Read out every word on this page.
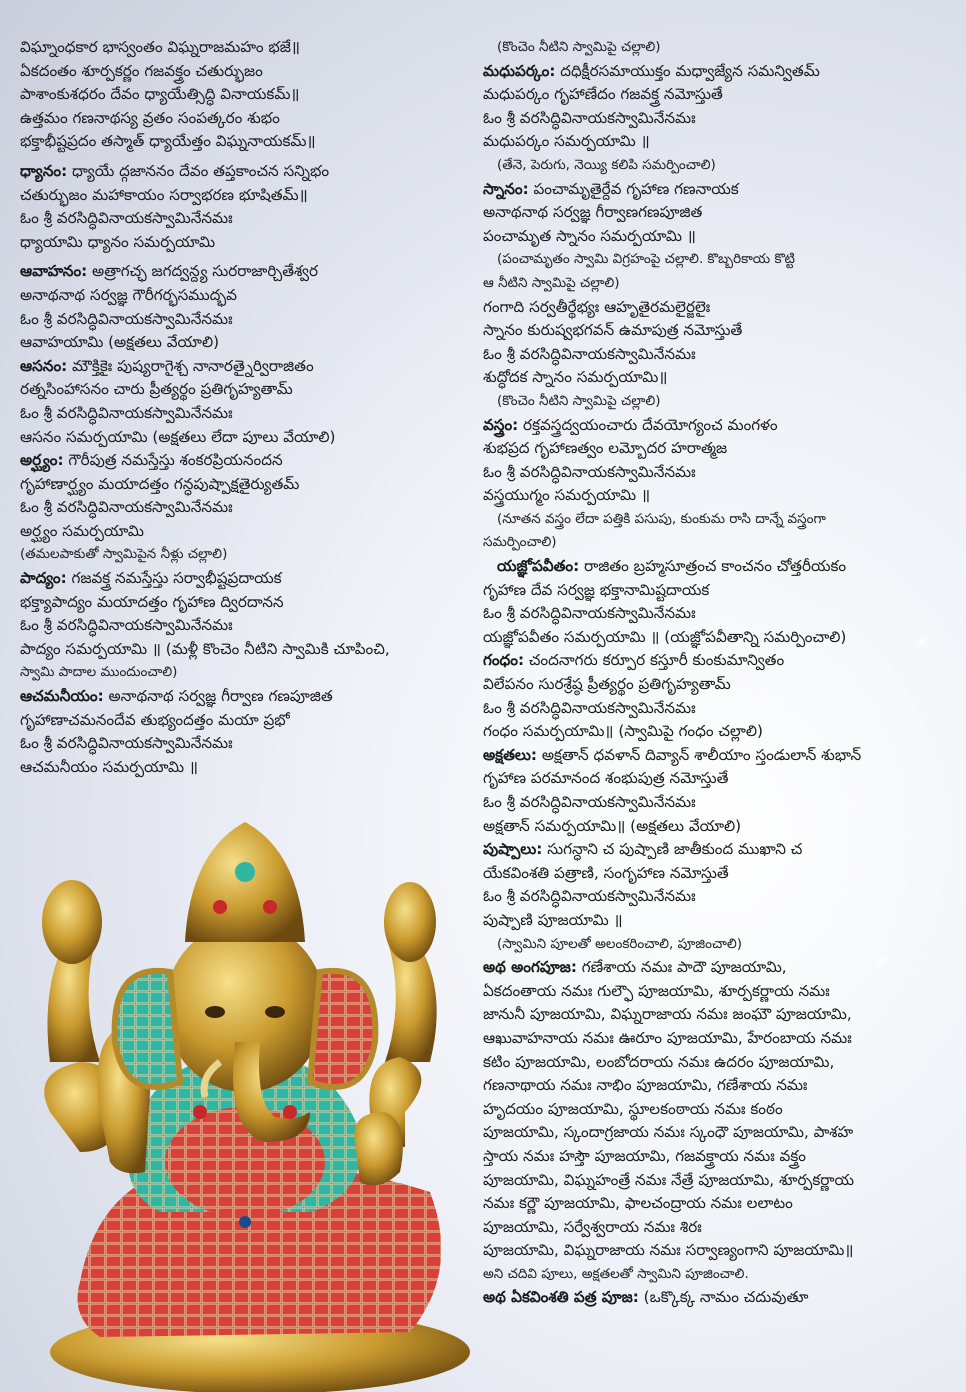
విఘ్నాంధకార భాస్వంతం విఘ్నరాజమహం భజే॥
ఏకదంతం శూర్పకర్ణం గజవక్త్రం చతుర్భుజం
పాశాంకుశధరం దేవం ధ్యాయేత్సిద్ధి వినాయకమ్॥
ఉత్తమం గణనాథస్య వ్రతం సంపత్కరం శుభం
భక్తాభీష్టప్రదం తస్మాత్ ధ్యాయేత్తం విఘ్ననాయకమ్॥
ధ్యానం: ధ్యాయే ద్గజాననం దేవం తప్తకాంచన సన్నిభం
చతుర్భుజం మహాకాయం సర్వాభరణ భూషితమ్॥
ఓం శ్రీ వరసిద్ధివినాయకస్వామినేనమః
ధ్యాయామి ధ్యానం సమర్పయామి
ఆవాహనం: అత్రాగచ్ఛ జగద్వన్ద్య సురరాజార్చితేశ్వర
అనాథనాథ సర్వజ్ఞ గౌరీగర్భసముద్భవ
ఓం శ్రీ వరసిద్ధివినాయకస్వామినేనమః
ఆవాహయామి (అక్షతలు వేయాలి)
ఆసనం: మౌక్తికైః పుష్యరాగైశ్చ నానారత్నైర్విరాజితం
రత్నసింహాసనం చారు ప్రీత్యర్థం ప్రతిగృహ్యతామ్
ఓం శ్రీ వరసిద్ధివినాయకస్వామినేనమః
ఆసనం సమర్పయామి (అక్షతలు లేదా పూలు వేయాలి)
అర్ఘ్యం: గౌరీపుత్ర నమస్తేస్తు శంకరప్రియనందన
గృహాణార్ఘ్యం మయాదత్తం గన్ధపుష్పాక్షతైర్యుతమ్
ఓం శ్రీ వరసిద్ధివినాయకస్వామినేనమః
అర్ఘ్యం సమర్పయామి
(తమలపాకుతో స్వామిపైన నీళ్లు చల్లాలి)
పాద్యం: గజవక్త్ర నమస్తేస్తు సర్వాభీష్టప్రదాయక
భక్త్యాపాద్యం మయాదత్తం గృహాణ ద్విరదానన
ఓం శ్రీ వరసిద్ధివినాయకస్వామినేనమః
పాద్యం సమర్పయామి ॥ (మళ్లీ కొంచెం నీటిని స్వామికి చూపించి,
స్వామి పాదాల ముందుంచాలి)
ఆచమనీయం: అనాథనాథ సర్వజ్ఞ గీర్వాణ గణపూజిత
గృహాణాచమనందేవ తుభ్యందత్తం మయా ప్రభో
ఓం శ్రీ వరసిద్ధివినాయకస్వామినేనమః
ఆచమనీయం సమర్పయామి ॥
(కొంచెం నీటిని స్వామిపై చల్లాలి)
మధుపర్కం: దధిక్షీరసమాయుక్తం మధ్వాజ్యేన సమన్వితమ్
మధుపర్కం గృహాణేదం గజవక్త్ర నమోస్తుతే
ఓం శ్రీ వరసిద్ధివినాయకస్వామినేనమః
మధుపర్కం సమర్పయామి ॥
(తేనె, పెరుగు, నెయ్యి కలిపి సమర్పించాలి)
స్నానం: పంచామృతైర్దేవ గృహాణ గణనాయక
అనాథనాథ సర్వజ్ఞ గీర్వాణగణపూజిత
పంచామృత స్నానం సమర్పయామి ॥
(పంచామృతం స్వామి విగ్రహంపై చల్లాలి. కొబ్బరికాయ కొట్టి
ఆ నీటిని స్వామిపై చల్లాలి)
గంగాది సర్వతీర్థేభ్యః ఆహృతైరమలైర్జలైః
స్నానం కురుష్వభగవన్ ఉమాపుత్ర నమోస్తుతే
ఓం శ్రీ వరసిద్ధివినాయకస్వామినేనమః
శుద్ధోదక స్నానం సమర్పయామి॥
(కొంచెం నీటిని స్వామిపై చల్లాలి)
వస్త్రం: రక్తవస్త్రద్వయంచారు దేవయోగ్యంచ మంగళం
శుభప్రద గృహాణత్వం లమ్బోదర హరాత్మజ
ఓం శ్రీ వరసిద్ధివినాయకస్వామినేనమః
వస్త్రయుగ్మం సమర్పయామి ॥
(నూతన వస్త్రం లేదా పత్తికి పసుపు, కుంకుమ రాసి దాన్నే వస్త్రంగా
సమర్పించాలి)
యజ్ఞోపవీతం: రాజితం బ్రహ్మసూత్రంచ కాంచనం చోత్తరీయకం
గృహాణ దేవ సర్వజ్ఞ భక్తానామిష్టదాయక
ఓం శ్రీ వరసిద్ధివినాయకస్వామినేనమః
యజ్ఞోపవీతం సమర్పయామి ॥ (యజ్ఞోపవీతాన్ని సమర్పించాలి)
గంధం: చందనాగరు కర్పూర కస్తూరీ కుంకుమాన్వితం
విలేపనం సురశ్రేష్ఠ ప్రీత్యర్థం ప్రతిగృహ్యతామ్
ఓం శ్రీ వరసిద్ధివినాయకస్వామినేనమః
గంధం సమర్పయామి॥ (స్వామిపై గంధం చల్లాలి)
అక్షతలు: అక్షతాన్ ధవళాన్ దివ్యాన్ శాలీయాం స్తండులాన్ శుభాన్
గృహాణ పరమానంద శంభుపుత్ర నమోస్తుతే
ఓం శ్రీ వరసిద్ధివినాయకస్వామినేనమః
అక్షతాన్ సమర్పయామి॥ (అక్షతలు వేయాలి)
పుష్పాలు: సుగన్ధాని చ పుష్పాణి జాతీకుంద ముఖాని చ
యేకవింశతి పత్రాణి, సంగృహాణ నమోస్తుతే
ఓం శ్రీ వరసిద్ధివినాయకస్వామినేనమః
పుష్పాణి పూజయామి ॥
(స్వామిని పూలతో అలంకరించాలి, పూజించాలి)
అథ అంగపూజ: గణేశాయ నమః పాదౌ పూజయామి,
ఏకదంతాయ నమః గుల్ఫౌ పూజయామి, శూర్పకర్ణాయ నమః
జానునీ పూజయామి, విఘ్నరాజాయ నమః జంఘౌ పూజయామి,
ఆఖువాహనాయ నమః ఊరూం పూజయామి, హేరంబాయ నమః
కటిం పూజయామి, లంబోదరాయ నమః ఉదరం పూజయామి,
గణనాథాయ నమః నాభిం పూజయామి, గణేశాయ నమః
హృదయం పూజయామి, స్థూలకంఠాయ నమః కంఠం
పూజయామి, స్కందాగ్రజాయ నమః స్కంధౌ పూజయామి, పాశహ
స్తాయ నమః హస్తౌ పూజయామి, గజవక్త్రాయ నమః వక్త్రం
పూజయామి, విఘ్నహంత్రే నమః నేత్రే పూజయామి, శూర్పకర్ణాయ
నమః కర్ణౌ పూజయామి, ఫాలచంద్రాయ నమః లలాటం
పూజయామి, సర్వేశ్వరాయ నమః శిరః
పూజయామి, విఘ్నరాజాయ నమః సర్వాణ్యంగాని పూజయామి॥
అని చదివి పూలు, అక్షతలతో స్వామిని పూజించాలి.
అథ ఏకవింశతి పత్ర పూజ: (ఒక్కొక్క నామం చదువుతూ
